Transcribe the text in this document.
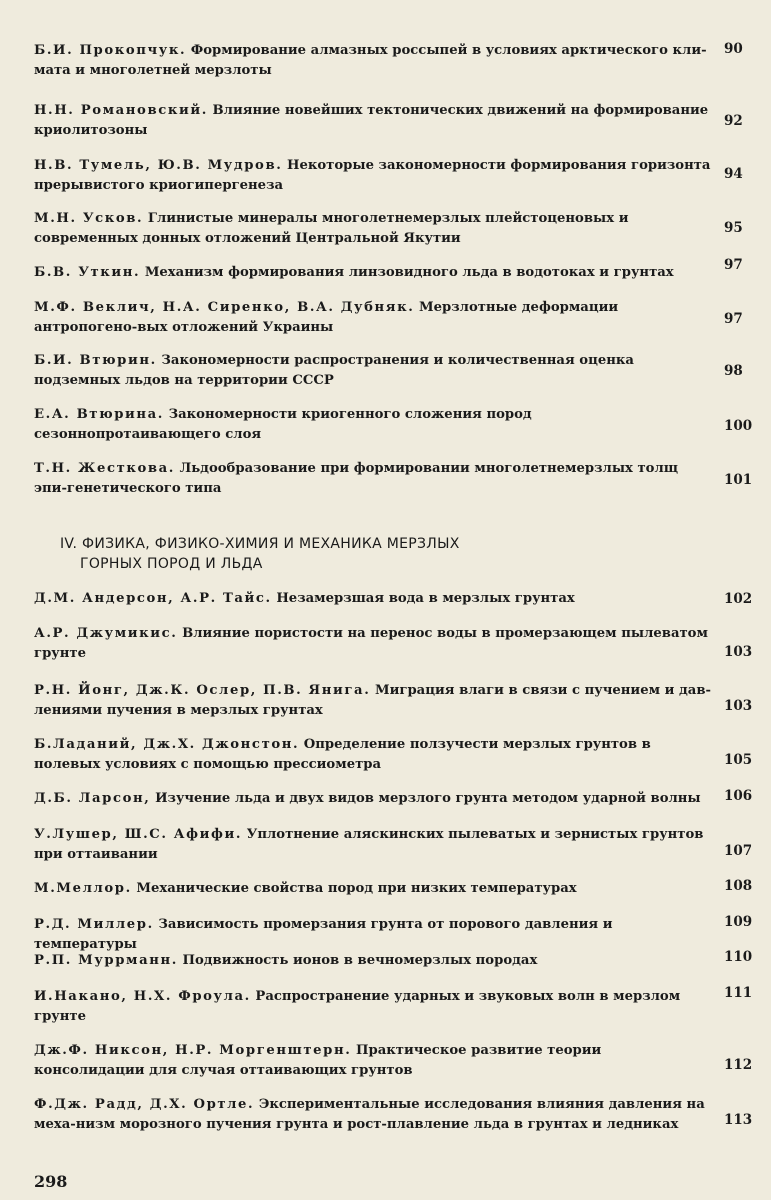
Б.И. Прокопчук. Формирование алмазных россыпей в условиях арктического кли-мата и многолетней мерзлоты
90
Н.Н. Романовский. Влияние новейших тектонических движений на формирование криолитозоны
92
Н.В. Тумель, Ю.В. Мудров. Некоторые закономерности формирования горизонта прерывистого криогипергенеза
94
М.Н. Усков. Глинистые минералы многолетнемерзлых плейстоценовых и современных донных отложений Центральной Якутии
95
Б.В. Уткин. Механизм формирования линзовидного льда в водотоках и грунтах	97
М.Ф. Веклич, Н.А. Сиренко, В.А. Дубняк. Мерзлотные деформации антропогено-вых отложений Украины
97
Б.И. Втюрин. Закономерности распространения и количественная оценка подземных льдов на территории СССР
98
Е.А. Втюрина. Закономерности криогенного сложения пород сезоннопротаивающего слоя
100
Т.Н. Жесткова. Льдообразование при формировании многолетнемерзлых толщ эпи-генетического типа
101
IV. ФИЗИКА, ФИЗИКО-ХИМИЯ И МЕХАНИКА МЕРЗЛЫХ
ГОРНЫХ ПОРОД И ЛЬДА
Д.М. Андерсон, А.Р. Тайс. Незамерзшая вода в мерзлых грунтах	102
А.Р. Джумикис. Влияние пористости на перенос воды в промерзающем пылеватом грунте	103
Р.Н. Йонг, Дж.К. Ослер, П.В. Янига. Миграция влаги в связи с пучением и дав-лениями пучения в мерзлых грунтах	103
Б.Ладаний, Дж.Х. Джонстон. Определение ползучести мерзлых грунтов в полевых условиях с помощью прессиометра	105
Д.Б. Ларсон, Изучение льда и двух видов мерзлого грунта методом ударной волны	106
У.Лушер, Ш.С. Афифи. Уплотнение аляскинских пылеватых и зернистых грунтов при оттаивании	107
М.Меллор. Механические свойства пород при низких температурах	108
Р.Д. Миллер. Зависимость промерзания грунта от порового давления и температуры
109
Р.П. Муррманн. Подвижность ионов в вечномерзлых породах	110
И.Накано, Н.Х. Фроула. Распространение ударных и звуковых волн в мерзлом грунте
111
Дж.Ф. Никсон, Н.Р. Моргенштерн. Практическое развитие теории консолидации для случая оттаивающих грунтов	112
Ф.Дж. Радд, Д.Х. Ортле. Экспериментальные исследования влияния давления на меха-низм морозного пучения грунта и рост-плавление льда в грунтах и ледниках	113
298
